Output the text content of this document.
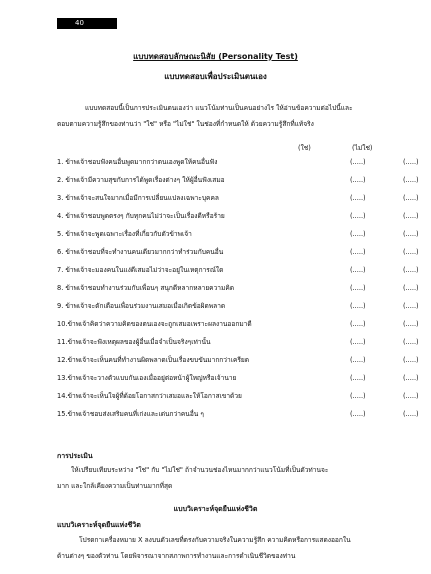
40
แบบทดสอบลักษณะนิสัย (Personality Test)
แบบทดสอบเพื่อประเมินตนเอง
แบบทดสอบนี้เป็นการประเมินตนเองว่า แนวโน้มท่านเป็นคนอย่างไร ให้อ่านข้อความต่อไปนี้และ
ตอบตามความรู้สึกของท่านว่า "ใช่" หรือ "ไม่ใช่" ในช่องที่กำหนดให้ ด้วยความรู้สึกที่แท้จริง
(ใช่)	(ไม่ใช่)
1. ข้าพเจ้าชอบฟังคนอื่นพูดมากกว่าตนเองพูดให้คนอื่นฟัง	(.....)	(.....)
2. ข้าพเจ้ามีความสุขกับการได้พูดเรื่องต่างๆ ให้ผู้อื่นฟังเสมอ	(.....)	(.....)
3. ข้าพเจ้าจะสนใจมากเมื่อมีการเปลี่ยนแปลงเฉพาะบุคคล	(.....)	(.....)
4. ข้าพเจ้าชอบพูดตรงๆ กับทุกคนไม่ว่าจะเป็นเรื่องดีหรือร้าย	(.....)	(.....)
5. ข้าพเจ้าจะพูดเฉพาะเรื่องที่เกี่ยวกับตัวข้าพเจ้า	(.....)	(.....)
6. ข้าพเจ้าชอบที่จะทำงานคนเดียวมากกว่าทำร่วมกับคนอื่น	(.....)	(.....)
7. ข้าพเจ้าจะมองคนในแง่ดีเสมอไม่ว่าจะอยู่ในเหตุการณ์ใด	(.....)	(.....)
8. ข้าพเจ้าชอบทำงานร่วมกับเพื่อนๆ สนุกดีหลากหลายความคิด	(.....)	(.....)
9. ข้าพเจ้าจะตักเตือนเพื่อนร่วมงานเสมอเมื่อเกิดข้อผิดพลาด	(.....)	(.....)
10.ข้าพเจ้าคิดว่าความคิดของตนเองจะถูกเสมอเพราะผลงานออกมาดี	(.....)	(.....)
11.ข้าพเจ้าจะฟังเหตุผลของผู้อื่นเมื่อจำเป็นจริงๆเท่านั้น	(.....)	(.....)
12.ข้าพเจ้าจะเห็นคนที่ทำงานผิดพลาดเป็นเรื่องขบขันมากกว่าเครียด	(.....)	(.....)
13.ข้าพเจ้าจะวางตัวแบบกันเองเมื่ออยู่ต่อหน้าผู้ใหญ่หรือเจ้านาย	(.....)	(.....)
14.ข้าพเจ้าจะเห็นใจผู้ที่ด้อยโอกาสกว่าเสมอและให้โอกาสเขาด้วย	(.....)	(.....)
15.ข้าพเจ้าชอบส่งเสริมคนที่เก่งและเด่นกว่าคนอื่น ๆ	(.....)	(.....)
การประเมิน
ให้เปรียบเทียบระหว่าง "ใช่" กับ "ไม่ใช่" ถ้าจำนวนช่องไหนมากกว่าแนวโน้มที่เป็นตัวท่านจะ
มาก และใกล้เคียงความเป็นท่านมากที่สุด
แบบวิเคราะห์จุดยืนแห่งชีวิต
แบบวิเคราะห์จุดยืนแห่งชีวิต
โปรดกาเครื่องหมาย X ลงบนตัวเลขที่ตรงกับความจริงในความรู้สึก ความคิดหรือการแสดงออกใน
ด้านต่างๆ ของตัวท่าน โดยพิจารณาจากสภาพการทำงานและการดำเนินชีวิตของท่าน
